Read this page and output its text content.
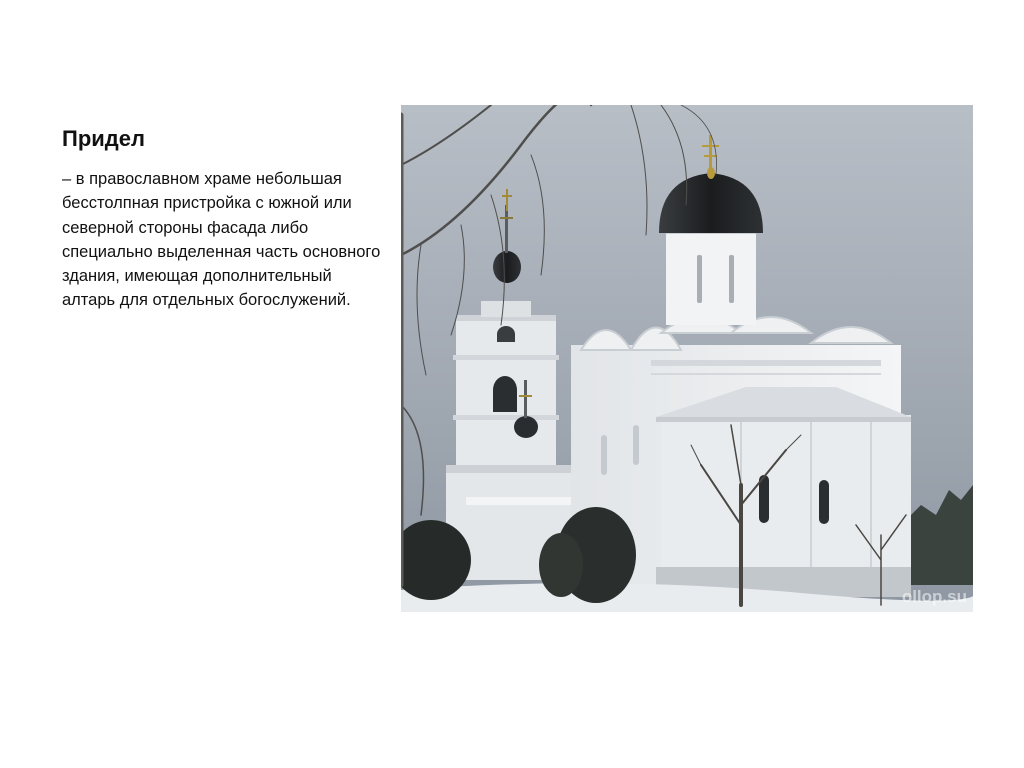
Придел

– в православном храме небольшая бесстолпная пристройка с южной или северной стороны фасада либо специально выделенная часть основного здания, имеющая дополнительный алтарь для отдельных богослужений.

ollop.su
